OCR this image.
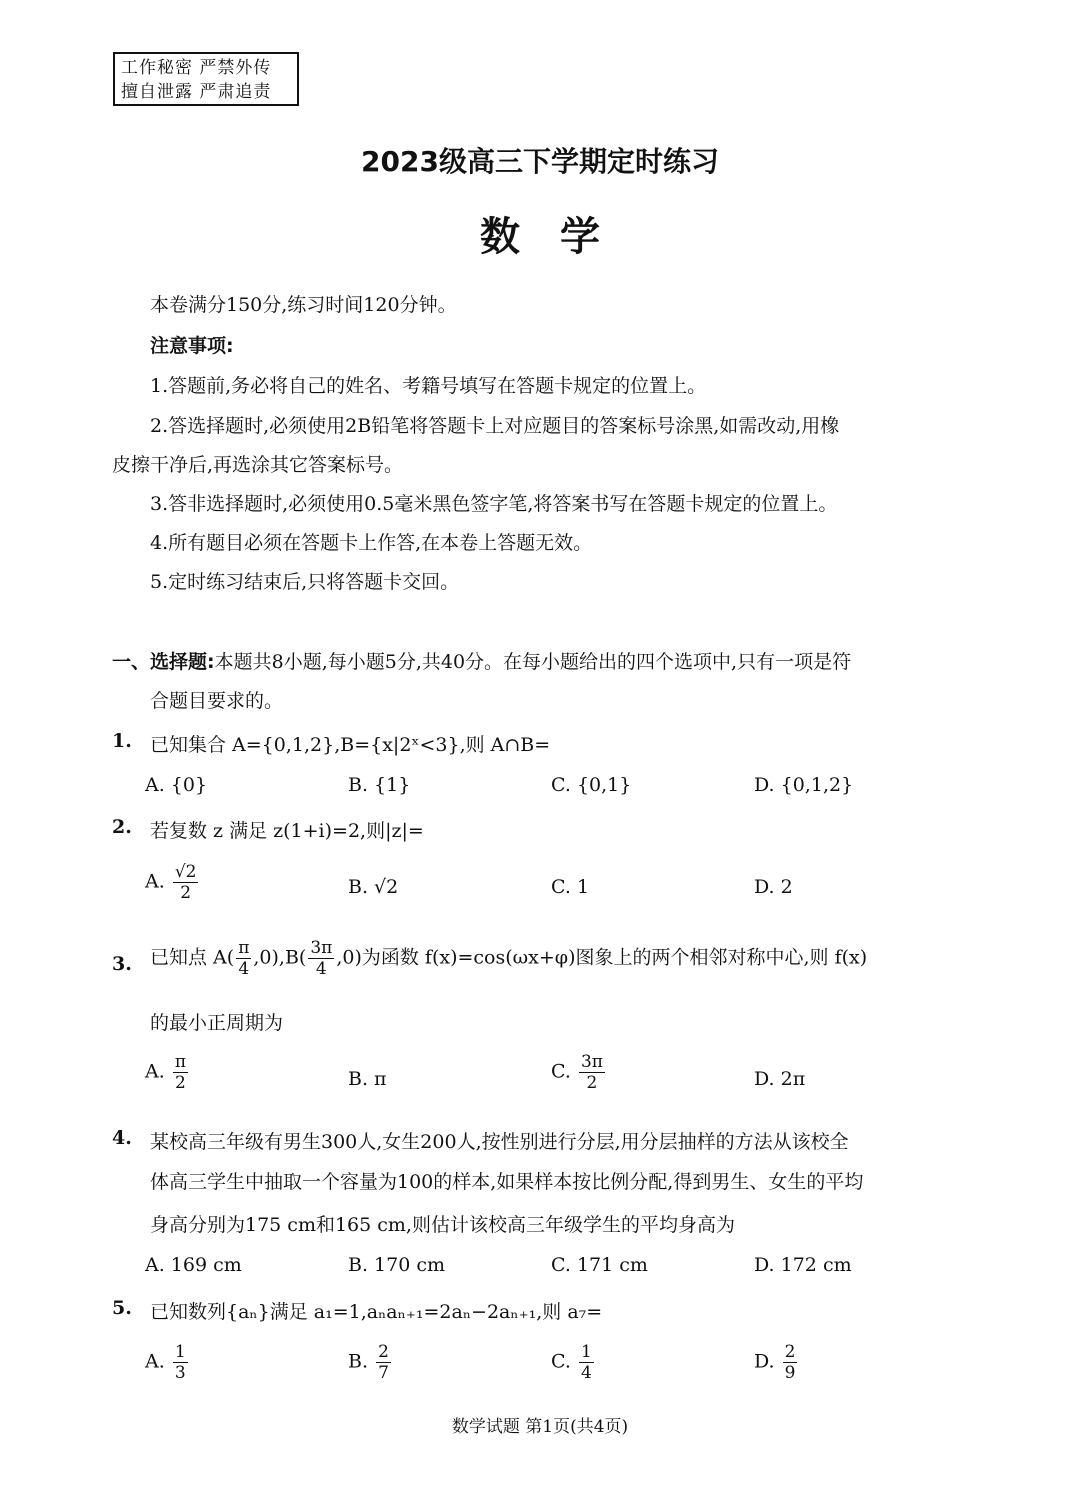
工作秘密 严禁外传
擅自泄露 严肃追责
2023级高三下学期定时练习
数学
本卷满分150分,练习时间120分钟。
注意事项:
1.答题前,务必将自己的姓名、考籍号填写在答题卡规定的位置上。
2.答选择题时,必须使用2B铅笔将答题卡上对应题目的答案标号涂黑,如需改动,用橡
皮擦干净后,再选涂其它答案标号。
3.答非选择题时,必须使用0.5毫米黑色签字笔,将答案书写在答题卡规定的位置上。
4.所有题目必须在答题卡上作答,在本卷上答题无效。
5.定时练习结束后,只将答题卡交回。
一、选择题:本题共8小题,每小题5分,共40分。在每小题给出的四个选项中,只有一项是符
合题目要求的。
1. 已知集合 A={0,1,2},B={x|2ˣ<3},则 A∩B=
A. {0}	B. {1}	C. {0,1}	D. {0,1,2}
2. 若复数 z 满足 z(1+i)=2,则|z|=
A. $\frac{√2}{2}$	B. √2	C. 1	D. 2
3. 已知点 $A( \frac{\pi}{4} ,0),B( \frac{3\pi}{4} ,0)$为函数 f(x)=cos(ωx+φ)图象上的两个相邻对称中心,则 f(x)
的最小正周期为
A. $\frac{\pi}{2}$	B. π	C. $\frac{3\pi}{2}$	D. 2π
4. 某校高三年级有男生300人,女生200人,按性别进行分层,用分层抽样的方法从该校全
体高三学生中抽取一个容量为100的样本,如果样本按比例分配,得到男生、女生的平均
身高分别为175 cm和165 cm,则估计该校高三年级学生的平均身高为
A. 169 cm	B. 170 cm	C. 171 cm	D. 172 cm
5. 已知数列{aₙ}满足 a₁=1,aₙaₙ₊₁=2aₙ−2aₙ₊₁,则 a₇=
A. $\frac{1}{3}$	B. $\frac{2}{7}$	C. $\frac{1}{4}$	D. $\frac{2}{9}$
数学试题 第1页(共4页)
